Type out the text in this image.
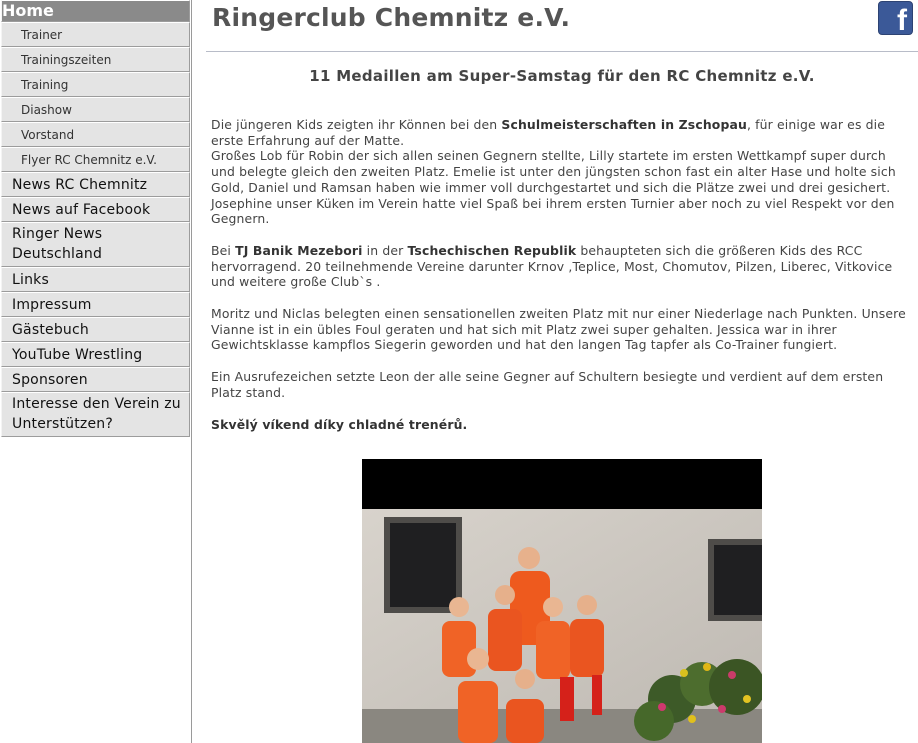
Home
Trainer
Trainingszeiten
Training
Diashow
Vorstand
Flyer RC Chemnitz e.V.
News RC Chemnitz
News auf Facebook
Ringer News Deutschland
Links
Impressum
Gästebuch
YouTube Wrestling
Sponsoren
Interesse den Verein zu Unterstützen?
Ringerclub Chemnitz e.V.	f
11 Medaillen am Super-Samstag für den RC Chemnitz e.V.

Die jüngeren Kids zeigten ihr Können bei den Schulmeisterschaften in Zschopau, für einige war es die erste Erfahrung auf der Matte.
Großes Lob für Robin der sich allen seinen Gegnern stellte, Lilly startete im ersten Wettkampf super durch und belegte gleich den zweiten Platz. Emelie ist unter den jüngsten schon fast ein alter Hase und holte sich Gold, Daniel und Ramsan haben wie immer voll durchgestartet und sich die Plätze zwei und drei gesichert. Josephine unser Küken im Verein hatte viel Spaß bei ihrem ersten Turnier aber noch zu viel Respekt vor den Gegnern.

Bei TJ Banik Mezebori in der Tschechischen Republik behaupteten sich die größeren Kids des RCC hervorragend. 20 teilnehmende Vereine darunter Krnov ,Teplice, Most, Chomutov, Pilzen, Liberec, Vitkovice und weitere große Club`s .

Moritz und Niclas belegten einen sensationellen zweiten Platz mit nur einer Niederlage nach Punkten. Unsere Vianne ist in ein übles Foul geraten und hat sich mit Platz zwei super gehalten. Jessica war in ihrer Gewichtsklasse kampflos Siegerin geworden und hat den langen Tag tapfer als Co-Trainer fungiert.

Ein Ausrufezeichen setzte Leon der alle seine Gegner auf Schultern besiegte und verdient auf dem ersten Platz stand.

Skvělý víkend díky chladné trenérů.
